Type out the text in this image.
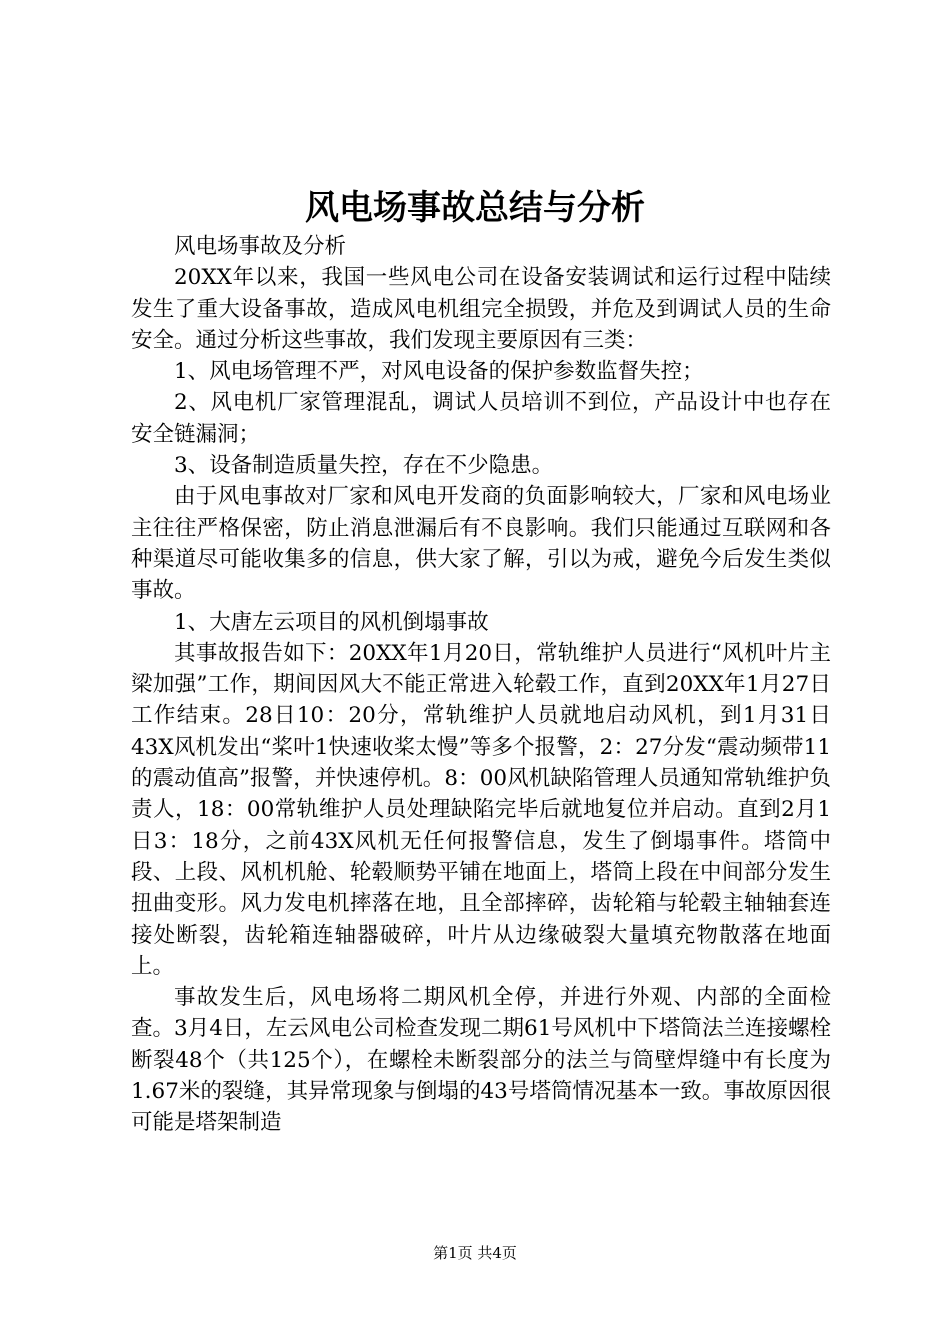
风电场事故总结与分析

风电场事故及分析

20XX年以来，我国一些风电公司在设备安装调试和运行过程中陆续发生了重大设备事故，造成风电机组完全损毁，并危及到调试人员的生命安全。通过分析这些事故，我们发现主要原因有三类：

1、风电场管理不严，对风电设备的保护参数监督失控；

2、风电机厂家管理混乱，调试人员培训不到位，产品设计中也存在安全链漏洞；

3、设备制造质量失控，存在不少隐患。

由于风电事故对厂家和风电开发商的负面影响较大，厂家和风电场业主往往严格保密，防止消息泄漏后有不良影响。我们只能通过互联网和各种渠道尽可能收集多的信息，供大家了解，引以为戒，避免今后发生类似事故。

1、大唐左云项目的风机倒塌事故

其事故报告如下：20XX年1月20日，常轨维护人员进行“风机叶片主梁加强”工作，期间因风大不能正常进入轮毂工作，直到20XX年1月27日工作结束。28日10：20分，常轨维护人员就地启动风机，到1月31日43X风机发出“桨叶1快速收桨太慢”等多个报警，2：27分发“震动频带11的震动值高”报警，并快速停机。8：00风机缺陷管理人员通知常轨维护负责人，18：00常轨维护人员处理缺陷完毕后就地复位并启动。直到2月1日3：18分，之前43X风机无任何报警信息，发生了倒塌事件。塔筒中段、上段、风机机舱、轮毂顺势平铺在地面上，塔筒上段在中间部分发生扭曲变形。风力发电机摔落在地，且全部摔碎，齿轮箱与轮毂主轴轴套连接处断裂，齿轮箱连轴器破碎，叶片从边缘破裂大量填充物散落在地面上。

事故发生后，风电场将二期风机全停，并进行外观、内部的全面检查。3月4日，左云风电公司检查发现二期61号风机中下塔筒法兰连接螺栓断裂48个（共125个），在螺栓未断裂部分的法兰与筒壁焊缝中有长度为1.67米的裂缝，其异常现象与倒塌的43号塔筒情况基本一致。事故原因很可能是塔架制造

第1页 共4页
